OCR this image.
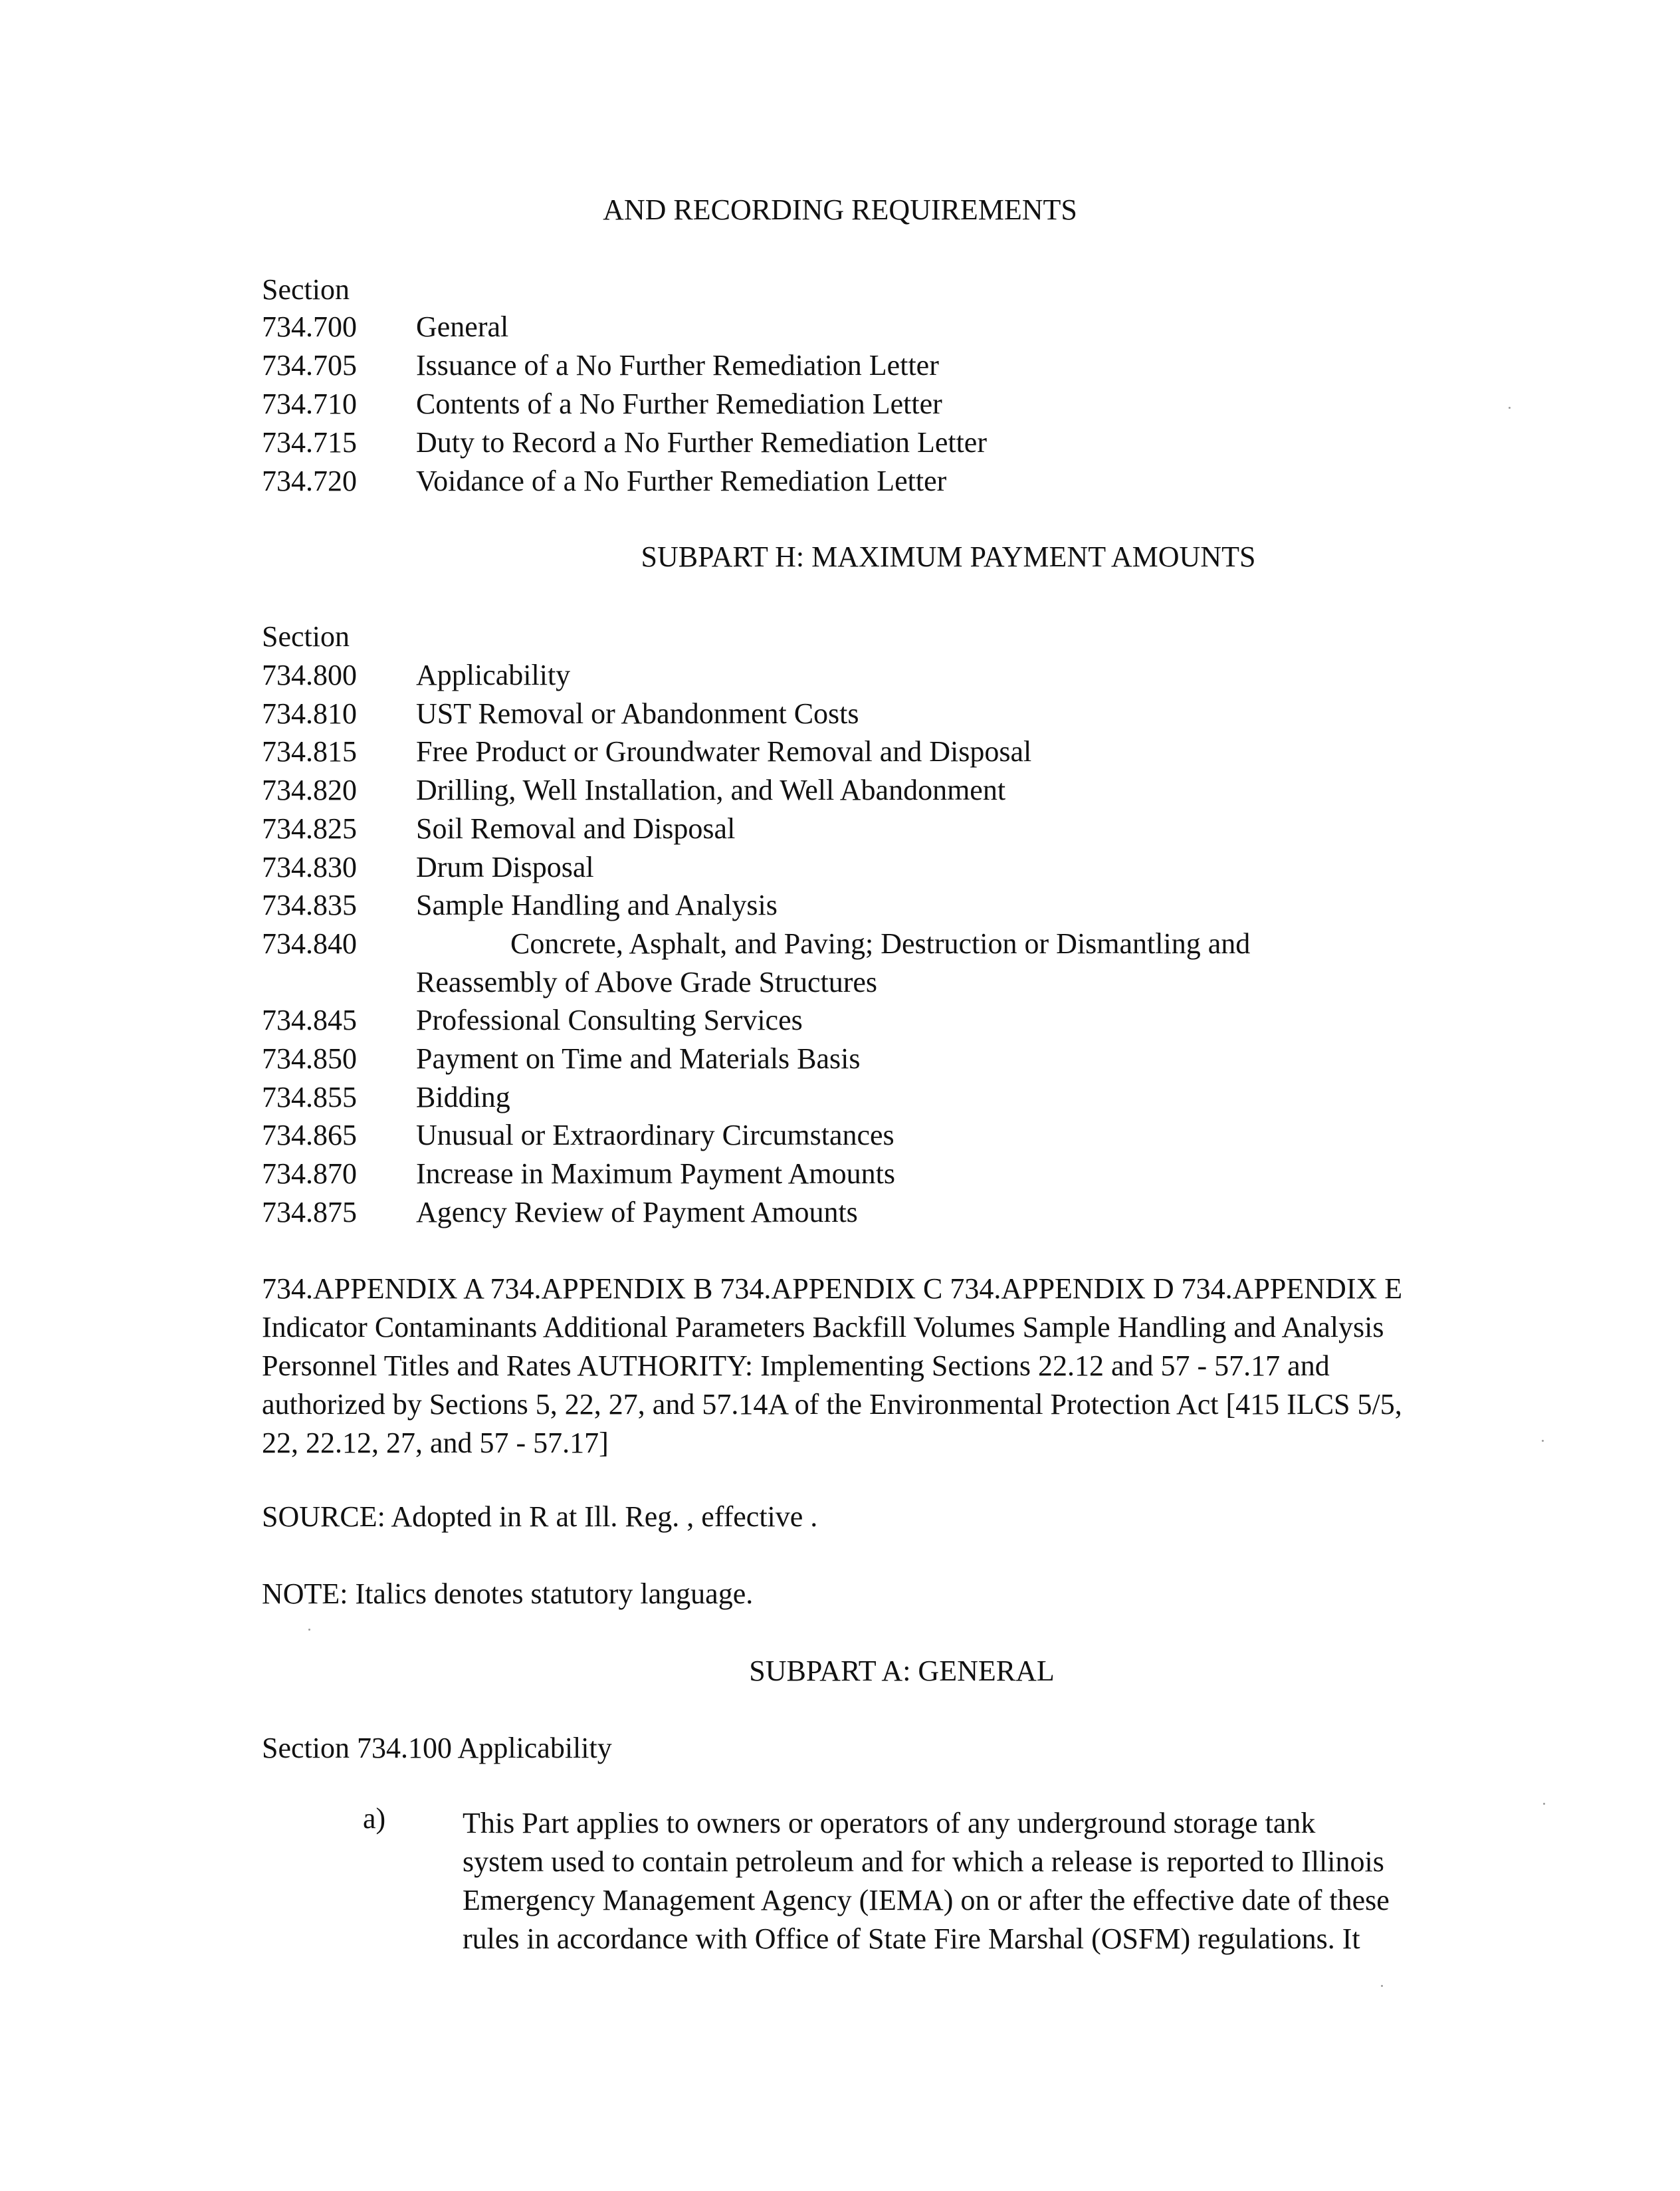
AND RECORDING REQUIREMENTS
Section
734.700 General
734.705 Issuance of a No Further Remediation Letter
734.710 Contents of a No Further Remediation Letter
734.715 Duty to Record a No Further Remediation Letter
734.720 Voidance of a No Further Remediation Letter
SUBPART H: MAXIMUM PAYMENT AMOUNTS
Section
734.800 Applicability
734.810 UST Removal or Abandonment Costs
734.815 Free Product or Groundwater Removal and Disposal
734.820 Drilling, Well Installation, and Well Abandonment
734.825 Soil Removal and Disposal
734.830 Drum Disposal
734.835 Sample Handling and Analysis
734.840	Concrete, Asphalt, and Paving; Destruction or Dismantling and
Reassembly of Above Grade Structures
734.845 Professional Consulting Services
734.850 Payment on Time and Materials Basis
734.855 Bidding
734.865 Unusual or Extraordinary Circumstances
734.870 Increase in Maximum Payment Amounts
734.875 Agency Review of Payment Amounts
734.APPENDIX A 734.APPENDIX B 734.APPENDIX C 734.APPENDIX D 734.APPENDIX E
Indicator Contaminants Additional Parameters Backfill Volumes Sample Handling and Analysis
Personnel Titles and Rates AUTHORITY: Implementing Sections 22.12 and 57 - 57.17 and
authorized by Sections 5, 22, 27, and 57.14A of the Environmental Protection Act [415 ILCS 5/5,
22, 22.12, 27, and 57 - 57.17]
SOURCE: Adopted in R at Ill. Reg. , effective .
NOTE: Italics denotes statutory language.
SUBPART A: GENERAL
Section 734.100 Applicability
a)	This Part applies to owners or operators of any underground storage tank
system used to contain petroleum and for which a release is reported to Illinois
Emergency Management Agency (IEMA) on or after the effective date of these
rules in accordance with Office of State Fire Marshal (OSFM) regulations. It
